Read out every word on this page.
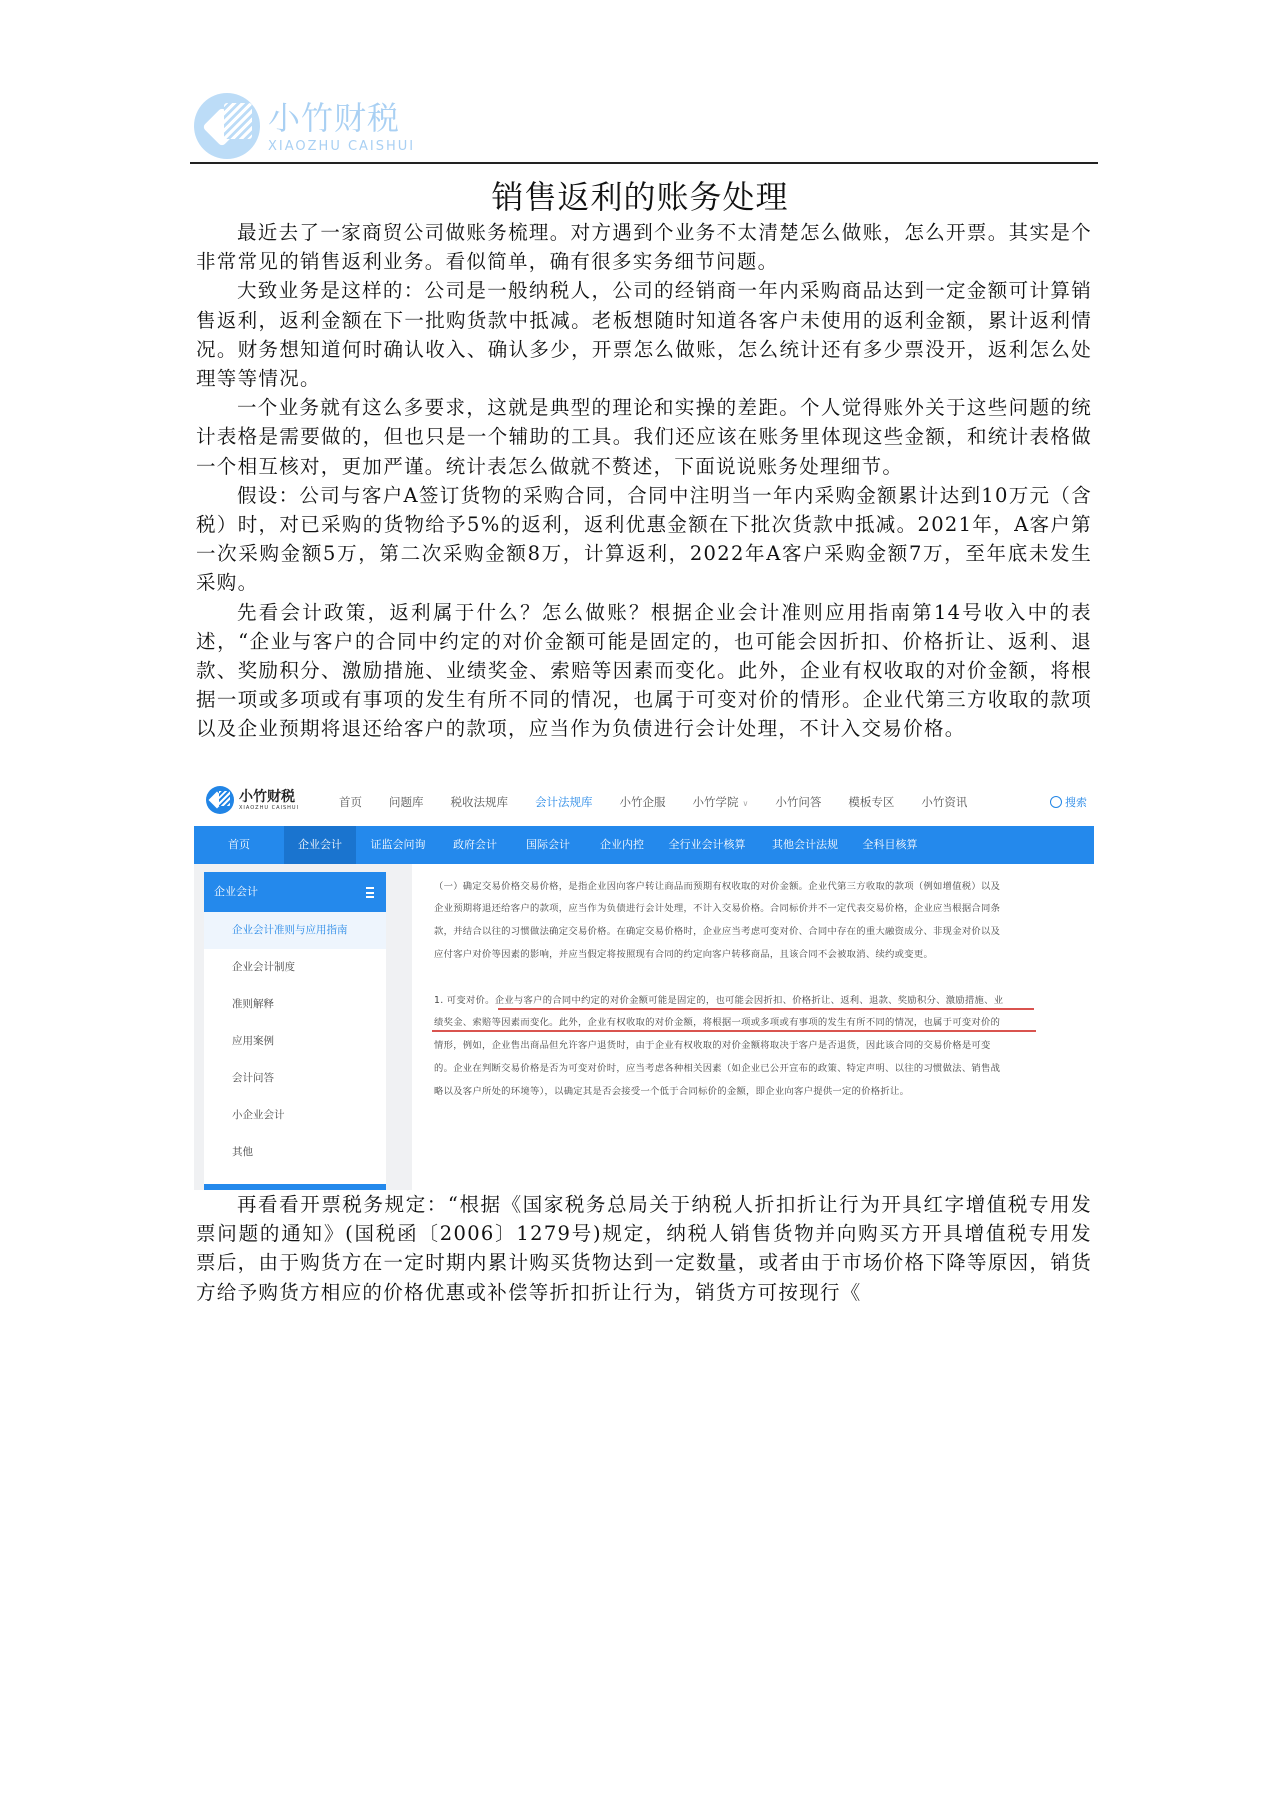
小竹财税
XIAOZHU CAISHUI
销售返利的账务处理

最近去了一家商贸公司做账务梳理。对方遇到个业务不太清楚怎么做账，怎么开票。其实是个非常常见的销售返利业务。看似简单，确有很多实务细节问题。

大致业务是这样的：公司是一般纳税人，公司的经销商一年内采购商品达到一定金额可计算销售返利，返利金额在下一批购货款中抵减。老板想随时知道各客户未使用的返利金额，累计返利情况。财务想知道何时确认收入、确认多少，开票怎么做账，怎么统计还有多少票没开，返利怎么处理等等情况。

一个业务就有这么多要求，这就是典型的理论和实操的差距。个人觉得账外关于这些问题的统计表格是需要做的，但也只是一个辅助的工具。我们还应该在账务里体现这些金额，和统计表格做一个相互核对，更加严谨。统计表怎么做就不赘述，下面说说账务处理细节。

假设：公司与客户A签订货物的采购合同，合同中注明当一年内采购金额累计达到10万元（含税）时，对已采购的货物给予5%的返利，返利优惠金额在下批次货款中抵减。2021年，A客户第一次采购金额5万，第二次采购金额8万，计算返利，2022年A客户采购金额7万，至年底未发生采购。

先看会计政策，返利属于什么？怎么做账？根据企业会计准则应用指南第14号收入中的表述，“企业与客户的合同中约定的对价金额可能是固定的，也可能会因折扣、价格折让、返利、退款、奖励积分、激励措施、业绩奖金、索赔等因素而变化。此外，企业有权收取的对价金额，将根据一项或多项或有事项的发生有所不同的情况，也属于可变对价的情形。企业代第三方收取的款项以及企业预期将退还给客户的款项，应当作为负债进行会计处理，不计入交易价格。

小竹财税
XIAOZHU CAISHUI	首页 问题库 税收法规库 会计法规库 小竹企服 小竹学院 ∨ 小竹问答 模板专区 小竹资讯	搜索
首页	企业会计	证监会问询	政府会计	国际会计	企业内控	全行业会计核算	其他会计法规	全科目核算
企业会计
企业会计准则与应用指南
企业会计制度
准则解释
应用案例
会计问答
小企业会计
其他
（一）确定交易价格交易价格，是指企业因向客户转让商品而预期有权收取的对价金额。企业代第三方收取的款项（例如增值税）以及
企业预期将退还给客户的款项，应当作为负债进行会计处理，不计入交易价格。合同标价并不一定代表交易价格，企业应当根据合同条
款，并结合以往的习惯做法确定交易价格。在确定交易价格时，企业应当考虑可变对价、合同中存在的重大融资成分、非现金对价以及
应付客户对价等因素的影响，并应当假定将按照现有合同的约定向客户转移商品，且该合同不会被取消、续约或变更。
1. 可变对价。企业与客户的合同中约定的对价金额可能是固定的，也可能会因折扣、价格折让、返利、退款、奖励积分、激励措施、业
绩奖金、索赔等因素而变化。此外，企业有权收取的对价金额，将根据一项或多项或有事项的发生有所不同的情况，也属于可变对价的
情形，例如，企业售出商品但允许客户退货时，由于企业有权收取的对价金额将取决于客户是否退货，因此该合同的交易价格是可变
的。企业在判断交易价格是否为可变对价时，应当考虑各种相关因素（如企业已公开宣布的政策、特定声明、以往的习惯做法、销售战
略以及客户所处的环境等），以确定其是否会接受一个低于合同标价的金额，即企业向客户提供一定的价格折让。

再看看开票税务规定：“根据《国家税务总局关于纳税人折扣折让行为开具红字增值税专用发票问题的通知》(国税函〔2006〕1279号)规定，纳税人销售货物并向购买方开具增值税专用发票后，由于购货方在一定时期内累计购买货物达到一定数量，或者由于市场价格下降等原因，销货方给予购货方相应的价格优惠或补偿等折扣折让行为，销货方可按现行《
